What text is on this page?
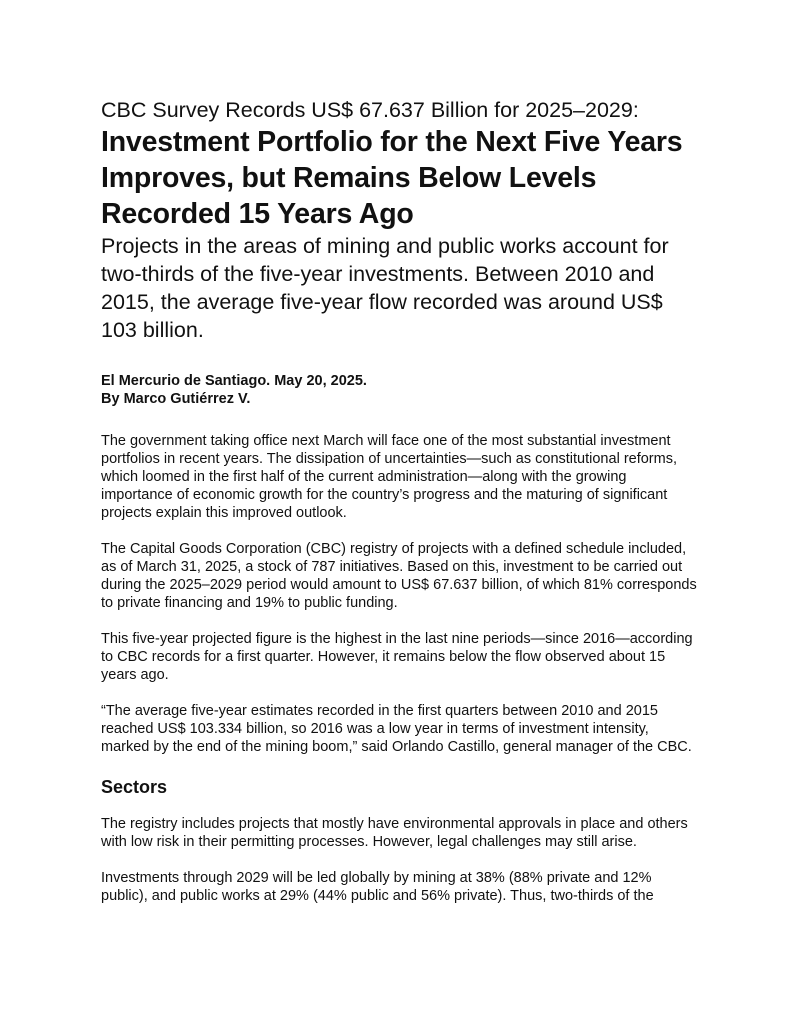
CBC Survey Records US$ 67.637 Billion for 2025–2029:

Investment Portfolio for the Next Five Years Improves, but Remains Below Levels Recorded 15 Years Ago

Projects in the areas of mining and public works account for two-thirds of the five-year investments. Between 2010 and 2015, the average five-year flow recorded was around US$ 103 billion.

El Mercurio de Santiago. May 20, 2025.
By Marco Gutiérrez V.

The government taking office next March will face one of the most substantial investment portfolios in recent years. The dissipation of uncertainties—such as constitutional reforms, which loomed in the first half of the current administration—along with the growing importance of economic growth for the country’s progress and the maturing of significant projects explain this improved outlook.

The Capital Goods Corporation (CBC) registry of projects with a defined schedule included, as of March 31, 2025, a stock of 787 initiatives. Based on this, investment to be carried out during the 2025–2029 period would amount to US$ 67.637 billion, of which 81% corresponds to private financing and 19% to public funding.

This five-year projected figure is the highest in the last nine periods—since 2016—according to CBC records for a first quarter. However, it remains below the flow observed about 15 years ago.

“The average five-year estimates recorded in the first quarters between 2010 and 2015 reached US$ 103.334 billion, so 2016 was a low year in terms of investment intensity, marked by the end of the mining boom,” said Orlando Castillo, general manager of the CBC.

Sectors

The registry includes projects that mostly have environmental approvals in place and others with low risk in their permitting processes. However, legal challenges may still arise.

Investments through 2029 will be led globally by mining at 38% (88% private and 12% public), and public works at 29% (44% public and 56% private). Thus, two-thirds of the
